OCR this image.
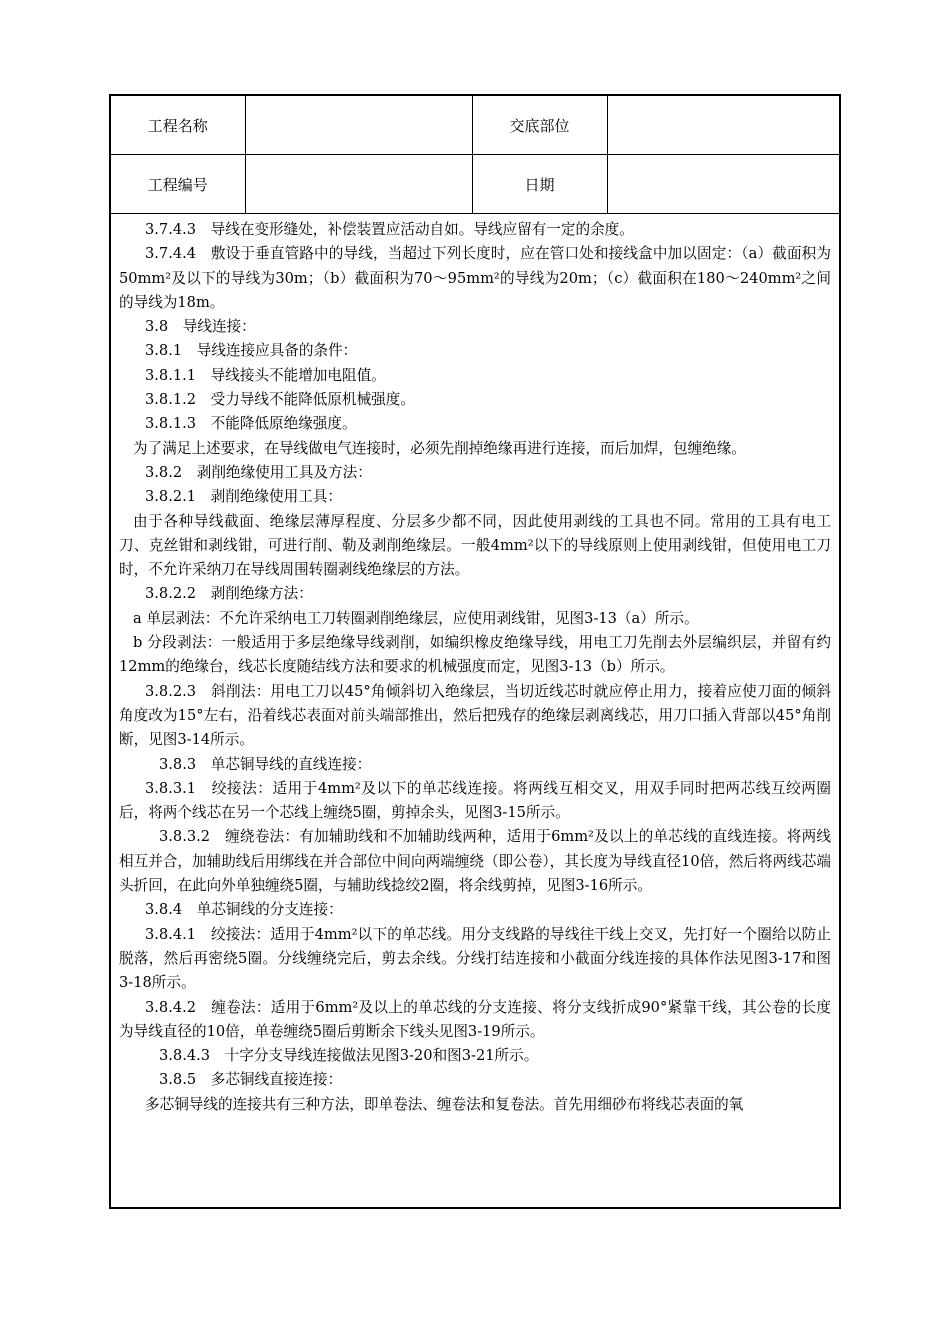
工程名称		交底部位	
工程编号		日期	

3.7.4.3　导线在变形缝处，补偿装置应活动自如。导线应留有一定的余度。

3.7.4.4　敷设于垂直管路中的导线，当超过下列长度时，应在管口处和接线盒中加以固定：（a）截面积为50mm²及以下的导线为30m；（b）截面积为70～95mm²的导线为20m；（c）截面积在180～240mm²之间的导线为18m。

3.8　导线连接：

3.8.1　导线连接应具备的条件：

3.8.1.1　导线接头不能增加电阻值。

3.8.1.2　受力导线不能降低原机械强度。

3.8.1.3　不能降低原绝缘强度。

为了满足上述要求，在导线做电气连接时，必须先削掉绝缘再进行连接，而后加焊，包缠绝缘。

3.8.2　剥削绝缘使用工具及方法：

3.8.2.1　剥削绝缘使用工具：

由于各种导线截面、绝缘层薄厚程度、分层多少都不同，因此使用剥线的工具也不同。常用的工具有电工刀、克丝钳和剥线钳，可进行削、勒及剥削绝缘层。一般4mm²以下的导线原则上使用剥线钳，但使用电工刀时，不允许采纳刀在导线周围转圈剥线绝缘层的方法。

3.8.2.2　剥削绝缘方法：

a 单层剥法：不允许采纳电工刀转圈剥削绝缘层，应使用剥线钳，见图3-13（a）所示。

b 分段剥法：一般适用于多层绝缘导线剥削，如编织橡皮绝缘导线，用电工刀先削去外层编织层，并留有约12mm的绝缘台，线芯长度随结线方法和要求的机械强度而定，见图3-13（b）所示。

3.8.2.3　斜削法：用电工刀以45°角倾斜切入绝缘层，当切近线芯时就应停止用力，接着应使刀面的倾斜角度改为15°左右，沿着线芯表面对前头端部推出，然后把残存的绝缘层剥离线芯，用刀口插入背部以45°角削断，见图3-14所示。

3.8.3　单芯铜导线的直线连接：

3.8.3.1　绞接法：适用于4mm²及以下的单芯线连接。将两线互相交叉，用双手同时把两芯线互绞两圈后，将两个线芯在另一个芯线上缠绕5圈，剪掉余头，见图3-15所示。

3.8.3.2　缠绕卷法：有加辅助线和不加辅助线两种，适用于6mm²及以上的单芯线的直线连接。将两线相互并合，加辅助线后用绑线在并合部位中间向两端缠绕（即公卷），其长度为导线直径10倍，然后将两线芯端头折回，在此向外单独缠绕5圈，与辅助线捻绞2圈，将余线剪掉，见图3-16所示。

3.8.4　单芯铜线的分支连接：

3.8.4.1　绞接法：适用于4mm²以下的单芯线。用分支线路的导线往干线上交叉，先打好一个圈给以防止脱落，然后再密绕5圈。分线缠绕完后，剪去余线。分线打结连接和小截面分线连接的具体作法见图3-17和图3-18所示。

3.8.4.2　缠卷法：适用于6mm²及以上的单芯线的分支连接、将分支线折成90°紧靠干线，其公卷的长度为导线直径的10倍，单卷缠绕5圈后剪断余下线头见图3-19所示。

3.8.4.3　十字分支导线连接做法见图3-20和图3-21所示。

3.8.5　多芯铜线直接连接：

多芯铜导线的连接共有三种方法，即单卷法、缠卷法和复卷法。首先用细砂布将线芯表面的氧
